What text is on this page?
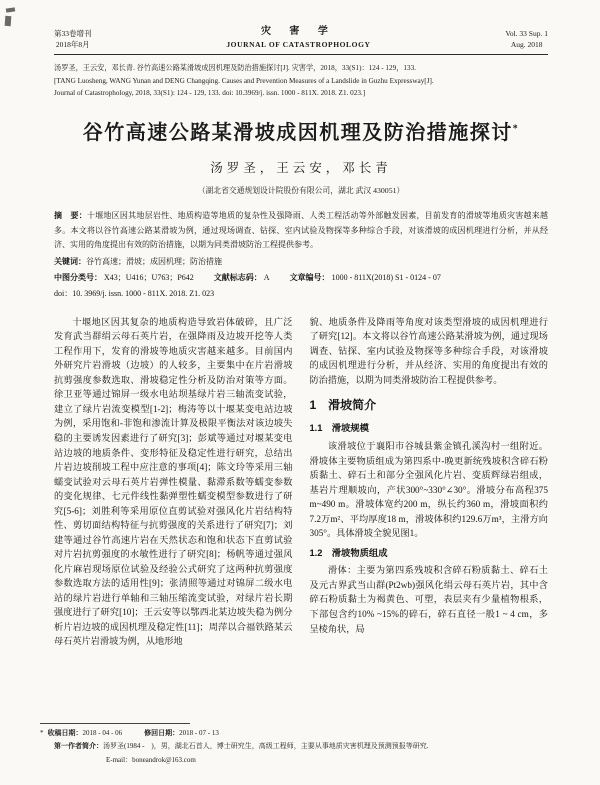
第33卷增刊
2018年8月
灾 害 学
JOURNAL OF CATASTROPHOLOGY
Vol. 33 Sup. 1
Aug. 2018
汤罗圣，王云安，邓长青. 谷竹高速公路某滑坡成因机理及防治措施探讨[J]. 灾害学，2018，33(S1)：124 - 129，133.
[TANG Luosheng, WANG Yunan and DENG Changqing. Causes and Prevention Measures of a Landslide in Guzhu Expressway[J].
Journal of Catastrophology, 2018, 33(S1): 124 - 129, 133. doi: 10.3969/j. issn. 1000 - 811X. 2018. Z1. 023.]
谷竹高速公路某滑坡成因机理及防治措施探讨*
汤罗圣，王云安，邓长青
（湖北省交通规划设计院股份有限公司，湖北 武汉 430051）

摘　要：十堰地区因其地层岩性、地质构造等地质的复杂性及强降雨、人类工程活动等外部触发因素，目前发育的滑坡等地质灾害越来越多。本文将以谷竹高速公路某滑坡为例，通过现场调查、钻探、室内试验及物探等多种综合手段，对该滑坡的成因机理进行分析，并从经济、实用的角度提出有效的防治措施，以期为同类滑坡防治工程提供参考。

关键词：谷竹高速；滑坡；成因机理；防治措施

中图分类号： X43；U416；U763；P642	文献标志码： A	文章编号： 1000 - 811X(2018) S1 - 0124 - 07

doi：10. 3969/j. issn. 1000 - 811X. 2018. Z1. 023

十堰地区因其复杂的地质构造导致岩体破碎，且广泛发育武当群绢云母石英片岩，在强降雨及边坡开挖等人类工程作用下，发育的滑坡等地质灾害越来越多。目前国内外研究片岩滑坡（边坡）的人较多，主要集中在片岩滑坡抗剪强度参数选取、滑坡稳定性分析及防治对策等方面。徐卫亚等通过锦屏一级水电站坝基绿片岩三轴流变试验，建立了绿片岩流变模型[1-2]；梅涛等以十堰某变电站边坡为例，采用饱和-非饱和渗流计算及极限平衡法对该边坡失稳的主要诱发因素进行了研究[3]；彭斌等通过对堰某变电站边坡的地质条件、变形特征及稳定性进行研究，总结出片岩边坡削坡工程中应注意的事项[4]；陈文玲等采用三轴蠕变试验对云母石英片岩弹性模量、黏滞系数等蠕变参数的变化规律、七元件线性黏弹塑性蠕变模型参数进行了研究[5-6]；刘胜利等采用原位直剪试验对强风化片岩结构特性、剪切面结构特征与抗剪强度的关系进行了研究[7]；刘建等通过谷竹高速片岩在天然状态和饱和状态下直剪试验对片岩抗剪强度的水敏性进行了研究[8]；杨帆等通过强风化片麻岩现场原位试验及经验公式研究了这两种抗剪强度参数选取方法的适用性[9]；张清照等通过对锦屏二级水电站的绿片岩进行单轴和三轴压缩流变试验，对绿片岩长期强度进行了研究[10]；王云安等以鄂西北某边坡失稳为例分析片岩边坡的成因机理及稳定性[11]；周萍以合福铁路某云母石英片岩滑坡为例，从地形地

貌、地质条件及降雨等角度对该类型滑坡的成因机理进行了研究[12]。本文将以谷竹高速公路某滑坡为例，通过现场调查、钻探、室内试验及物探等多种综合手段，对该滑坡的成因机理进行分析，并从经济、实用的角度提出有效的防治措施，以期为同类滑坡防治工程提供参考。

1　滑坡简介
1.1　滑坡规模

该滑坡位于襄阳市谷城县紫金镇孔溪沟村一组附近。滑坡体主要物质组成为第四系中-晚更新统残坡积含碎石粉质黏土、碎石土和部分全强风化片岩、变质辉绿岩组成，基岩片理顺坡向，产状300°~330°∠30°。滑坡分布高程375 m~490 m。滑坡体宽约200 m，纵长约360 m，滑坡面积约7.2万m²、平均厚度18 m，滑坡体积约129.6万m³，主滑方向305°。具体滑坡全貌见图1。

1.2　滑坡物质组成

滑体：主要为第四系残坡积含碎石粉质黏土、碎石土及元古界武当山群(Pt2wb)强风化绢云母石英片岩，其中含碎石粉质黏土为褐黄色、可塑，表层夹有少量植物根系，下部包含约10% ~15%的碎石，碎石直径一般1 ~ 4 cm，多呈棱角状，局

* 收稿日期：2018 - 04 - 06	修回日期：2018 - 07 - 13
第一作者简介：汤罗圣(1984 -　)，男，湖北石首人，博士研究生，高级工程师，主要从事地质灾害机理及预测预报等研究.
E-mail：boneandrok@163.com
